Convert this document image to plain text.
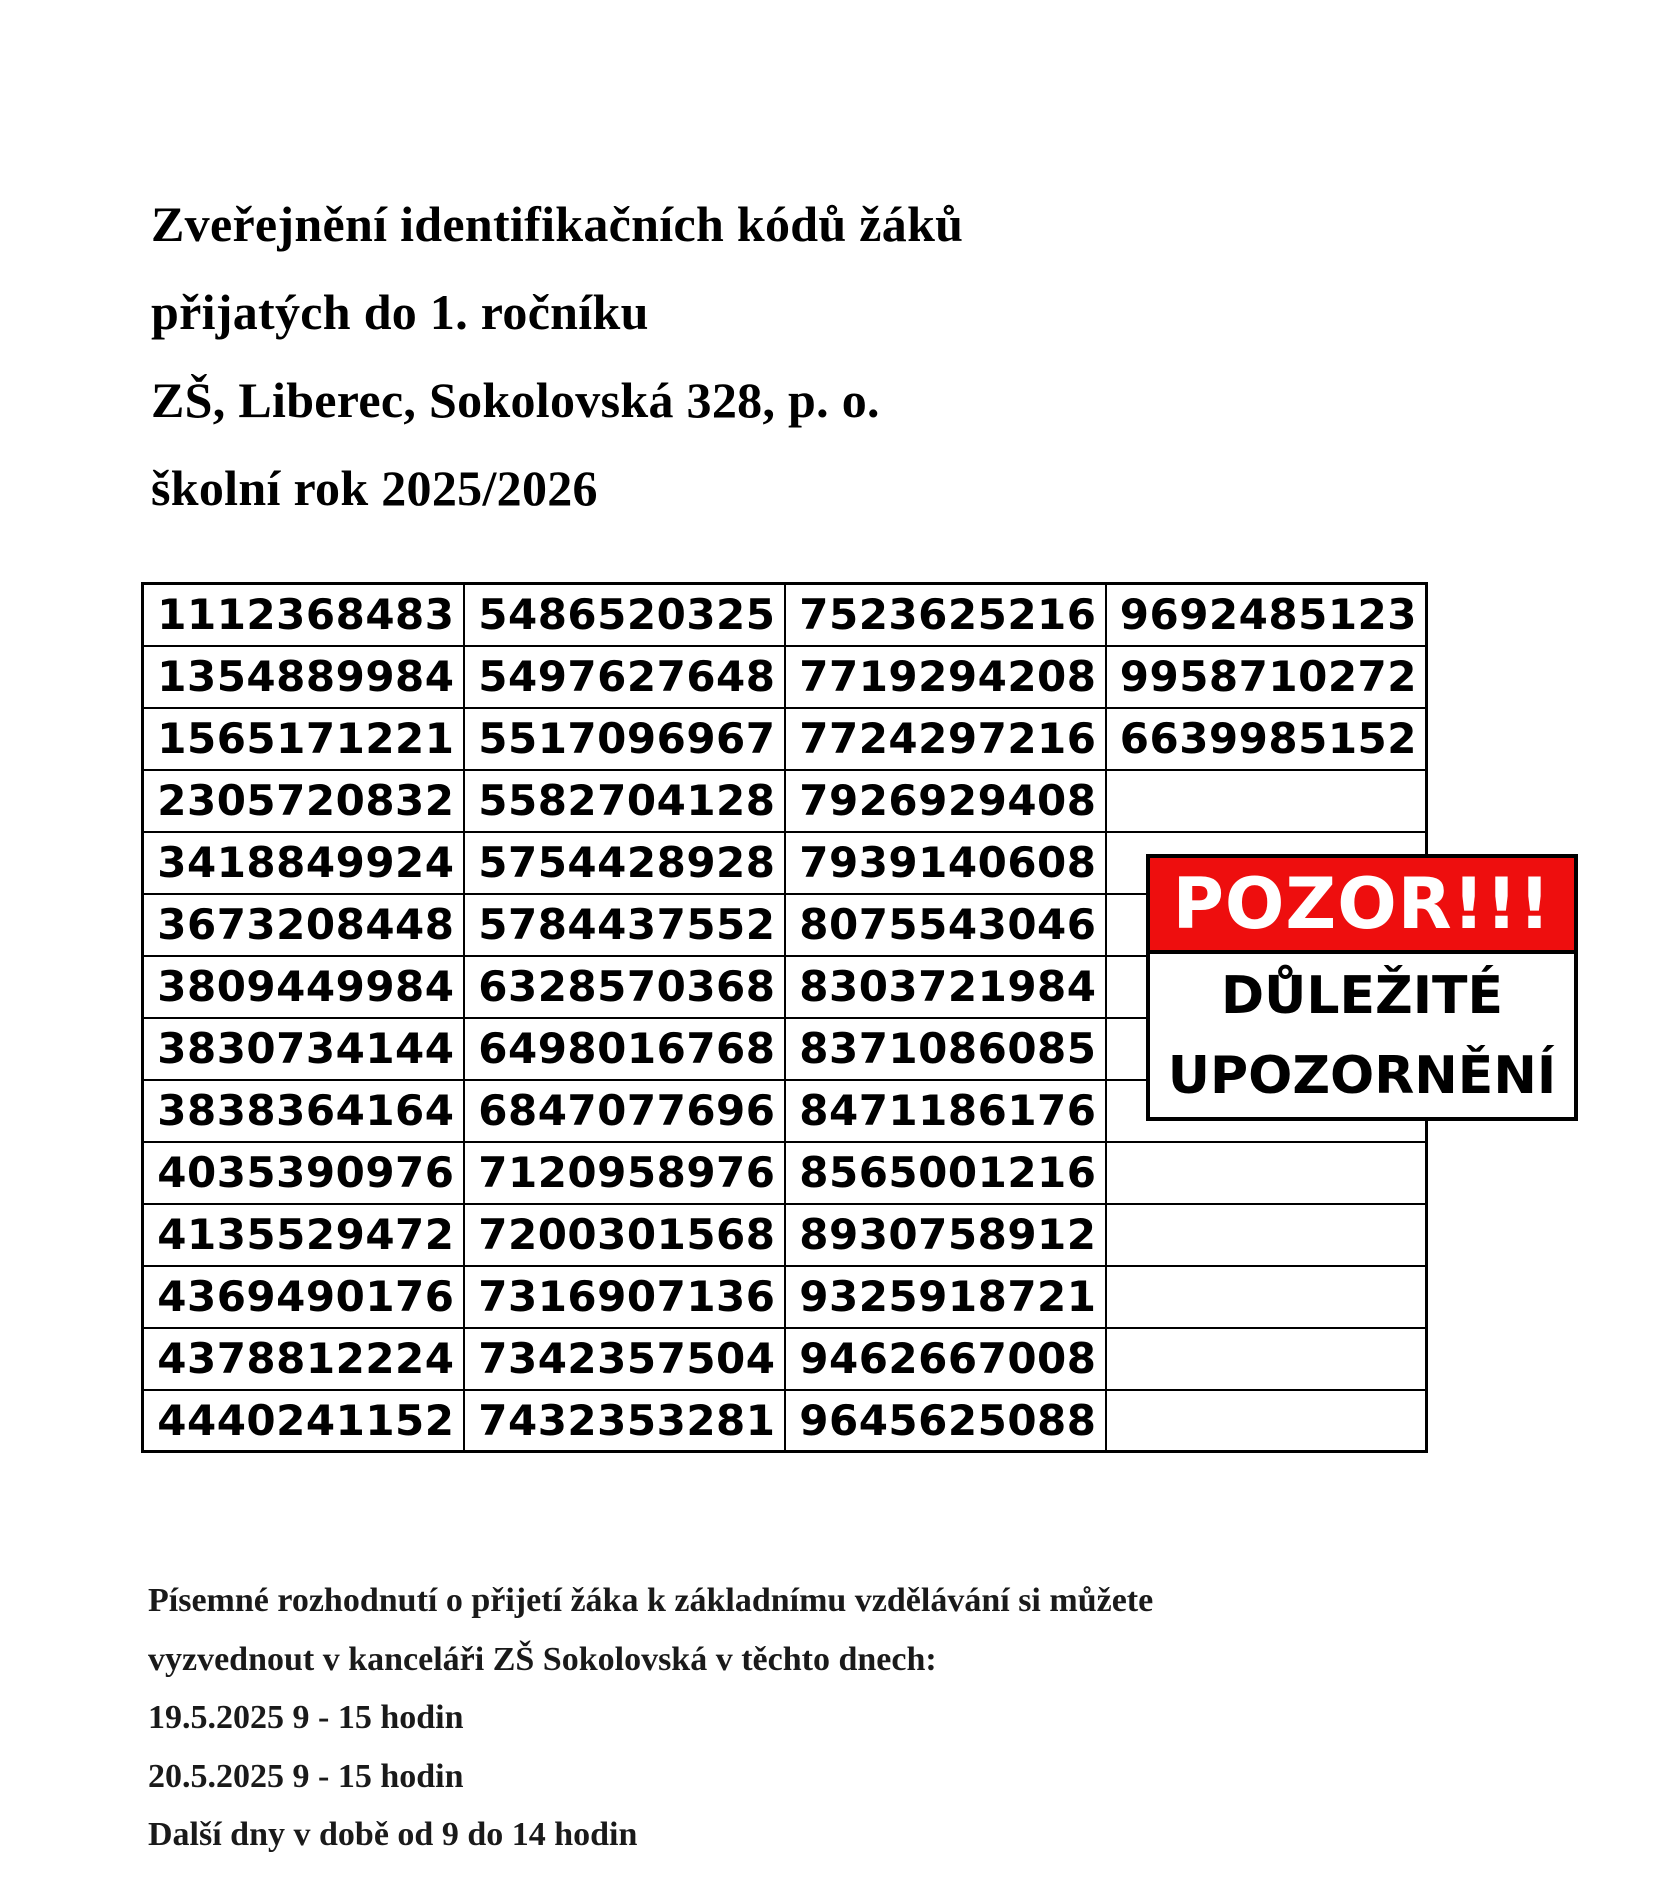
Zveřejnění identifikačních kódů žáků
přijatých do 1. ročníku
ZŠ, Liberec, Sokolovská 328, p. o.
školní rok 2025/2026
1112368483	5486520325	7523625216	9692485123
1354889984	5497627648	7719294208	9958710272
1565171221	5517096967	7724297216	6639985152
2305720832	5582704128	7926929408	
3418849924	5754428928	7939140608	
3673208448	5784437552	8075543046	
3809449984	6328570368	8303721984	
3830734144	6498016768	8371086085	
3838364164	6847077696	8471186176	
4035390976	7120958976	8565001216	
4135529472	7200301568	8930758912	
4369490176	7316907136	9325918721	
4378812224	7342357504	9462667008	
4440241152	7432353281	9645625088	
POZOR!!!
DŮLEŽITÉ
UPOZORNĚNÍ
Písemné rozhodnutí o přijetí žáka k základnímu vzdělávání si můžete
vyzvednout v kanceláři ZŠ Sokolovská v těchto dnech:
19.5.2025 9 - 15 hodin
20.5.2025 9 - 15 hodin
Další dny v době od 9 do 14 hodin
